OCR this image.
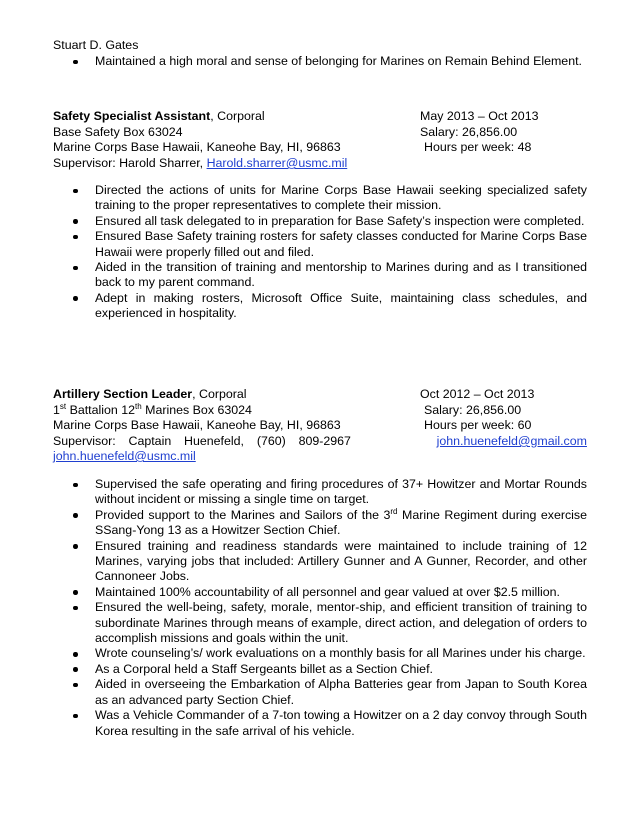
Stuart D. Gates
Maintained a high moral and sense of belonging for Marines on Remain Behind Element.
Safety Specialist Assistant, Corporal	May 2013 – Oct 2013
Base Safety Box 63024	Salary: 26,856.00
Marine Corps Base Hawaii, Kaneohe Bay, HI, 96863	Hours per week: 48
Supervisor: Harold Sharrer, Harold.sharrer@usmc.mil
Directed the actions of units for Marine Corps Base Hawaii seeking specialized safety training to the proper representatives to complete their mission.
Ensured all task delegated to in preparation for Base Safety’s inspection were completed.
Ensured Base Safety training rosters for safety classes conducted for Marine Corps Base Hawaii were properly filled out and filed.
Aided in the transition of training and mentorship to Marines during and as I transitioned back to my parent command.
Adept in making rosters, Microsoft Office Suite, maintaining class schedules, and experienced in hospitality.
Artillery Section Leader, Corporal	Oct 2012 – Oct 2013
1st Battalion 12th Marines Box 63024	Salary: 26,856.00
Marine Corps Base Hawaii, Kaneohe Bay, HI, 96863	Hours per week: 60
Supervisor: Captain Huenefeld, (760) 809-2967	john.huenefeld@gmail.com
john.huenefeld@usmc.mil
Supervised the safe operating and firing procedures of 37+ Howitzer and Mortar Rounds without incident or missing a single time on target.
Provided support to the Marines and Sailors of the 3rd Marine Regiment during exercise SSang-Yong 13 as a Howitzer Section Chief.
Ensured training and readiness standards were maintained to include training of 12 Marines, varying jobs that included: Artillery Gunner and A Gunner, Recorder, and other Cannoneer Jobs.
Maintained 100% accountability of all personnel and gear valued at over $2.5 million.
Ensured the well-being, safety, morale, mentor-ship, and efficient transition of training to subordinate Marines through means of example, direct action, and delegation of orders to accomplish missions and goals within the unit.
Wrote counseling’s/ work evaluations on a monthly basis for all Marines under his charge.
As a Corporal held a Staff Sergeants billet as a Section Chief.
Aided in overseeing the Embarkation of Alpha Batteries gear from Japan to South Korea as an advanced party Section Chief.
Was a Vehicle Commander of a 7-ton towing a Howitzer on a 2 day convoy through South Korea resulting in the safe arrival of his vehicle.
